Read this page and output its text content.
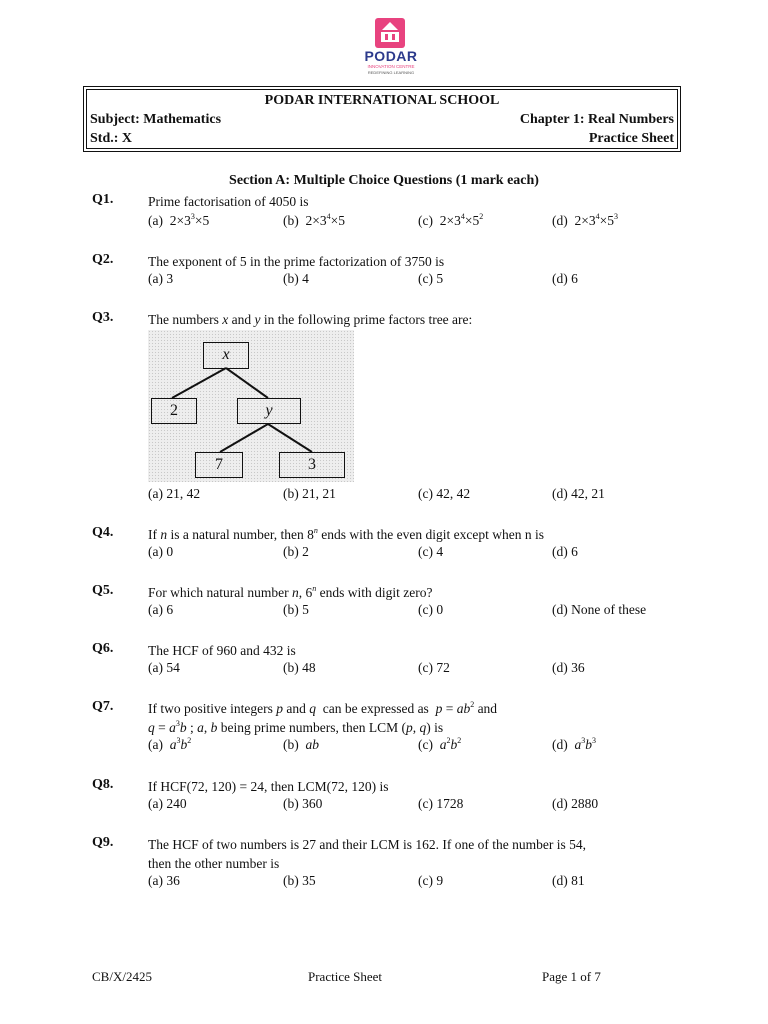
PODAR
INNOVATION CENTRE
REDEFINING LEARNING
PODAR INTERNATIONAL SCHOOL
Subject: Mathematics	Chapter 1: Real Numbers
Std.: X	Practice Sheet
Section A: Multiple Choice Questions (1 mark each)
Q1.	Prime factorisation of 4050 is
(a)  $2\times 3^3\times 5$	(b)  $2\times 3^4\times 5$	(c)  $2\times 3^4\times 5^2$	(d)  $2\times 3^4\times 5^3$
Q2.	The exponent of 5 in the prime factorization of 3750 is
(a) 3	(b) 4	(c) 5	(d) 6
Q3.	The numbers x and y in the following prime factors tree are:
x
2	y
7	3
(a) 21, 42	(b) 21, 21	(c) 42, 42	(d) 42, 21
Q4.	If n is a natural number, then 8$^n$ ends with the even digit except when n is
(a) 0	(b) 2	(c) 4	(d) 6
Q5.	For which natural number n, 6$^n$ ends with digit zero?
(a) 6	(b) 5	(c) 0	(d) None of these
Q6.	The HCF of 960 and 432 is
(a) 54	(b) 48	(c) 72	(d) 36
Q7.	If two positive integers p and q  can be expressed as  $p = ab^2$ and
$q = a^3b$ ; a, b being prime numbers, then LCM (p, q) is
(a)  $a^3b^2$	(b)  ab	(c)  $a^2b^2$	(d)  $a^3b^3$
Q8.	If HCF(72, 120) = 24, then LCM(72, 120) is
(a) 240	(b) 360	(c) 1728	(d) 2880
Q9.	The HCF of two numbers is 27 and their LCM is 162. If one of the number is 54,
then the other number is
(a) 36	(b) 35	(c) 9	(d) 81
CB/X/2425	Practice Sheet	Page 1 of 7
